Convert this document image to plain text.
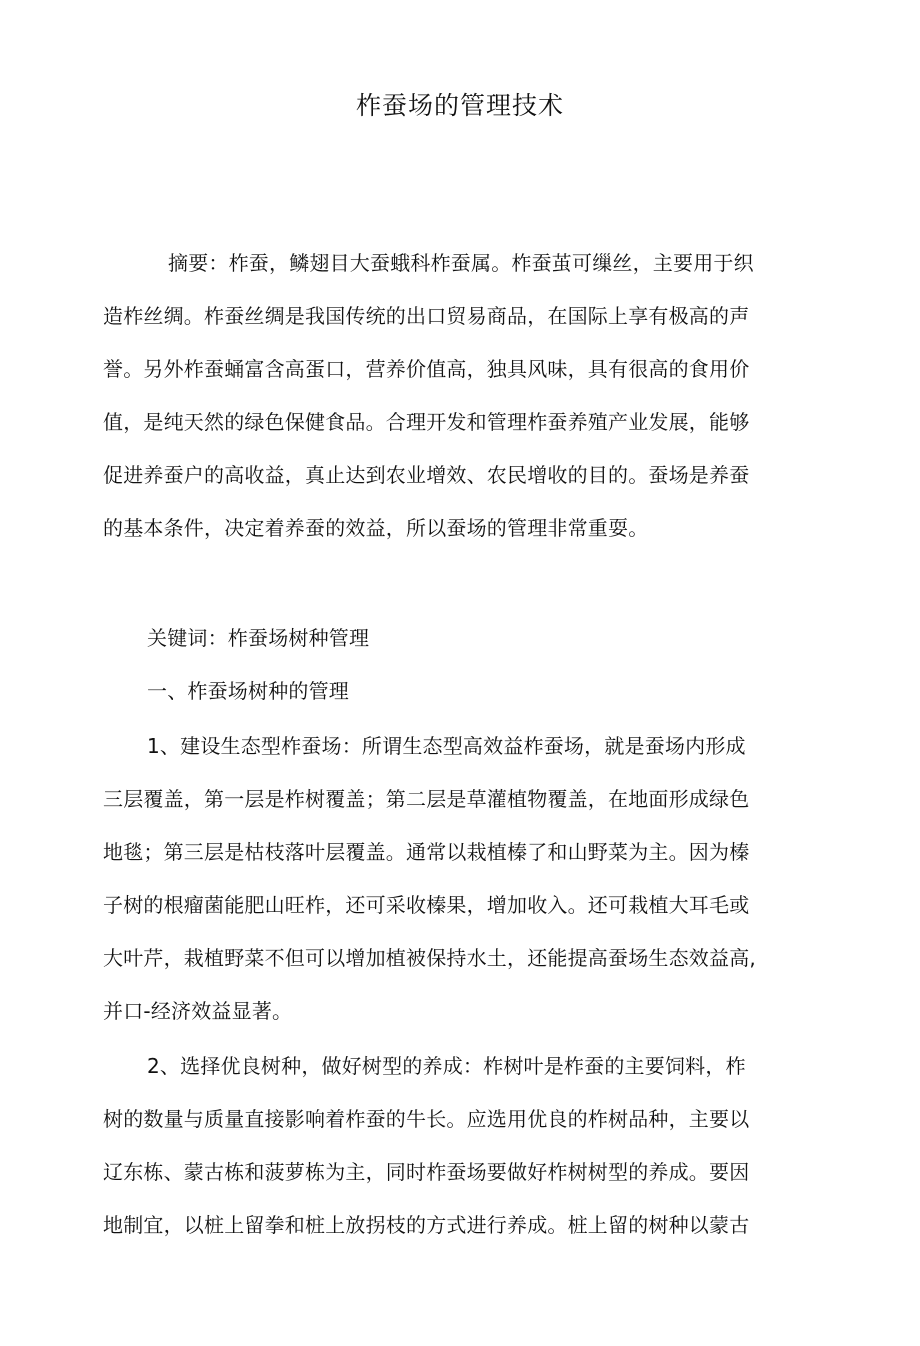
柞蚕场的管理技术
摘要：柞蚕，鳞翅目大蚕蛾科柞蚕属。柞蚕茧可缫丝，主要用于织
造柞丝绸。柞蚕丝绸是我国传统的出口贸易商品，在国际上享有极高的声
誉。另外柞蚕蛹富含高蛋口，营养价值高，独具风味，具有很高的食用价
值，是纯天然的绿色保健食品。合理开发和管理柞蚕养殖产业发展，能够
促进养蚕户的高收益，真止达到农业增效、农民增收的目的。蚕场是养蚕
的基本条件，决定着养蚕的效益，所以蚕场的管理非常重耍。
关键词：柞蚕场树种管理
一、柞蚕场树种的管理
1、建设生态型柞蚕场：所谓生态型高效益柞蚕场，就是蚕场内形成
三层覆盖，第一层是柞树覆盖；第二层是草灌植物覆盖，在地面形成绿色
地毯；第三层是枯枝落叶层覆盖。通常以栽植榛了和山野菜为主。因为榛
子树的根瘤菌能肥山旺柞，还可采收榛果，增加收入。还可栽植大耳毛或
大叶芹，栽植野菜不但可以增加植被保持水土，还能提高蚕场生态效益高,
并口-经济效益显著。
2、选择优良树种，做好树型的养成：柞树叶是柞蚕的主要饲料，柞
树的数量与质量直接影响着柞蚕的牛长。应选用优良的柞树品种，主要以
辽东栋、蒙古栋和菠萝栋为主，同时柞蚕场要做好柞树树型的养成。要因
地制宜，以桩上留拳和桩上放拐枝的方式进行养成。桩上留的树种以蒙古
